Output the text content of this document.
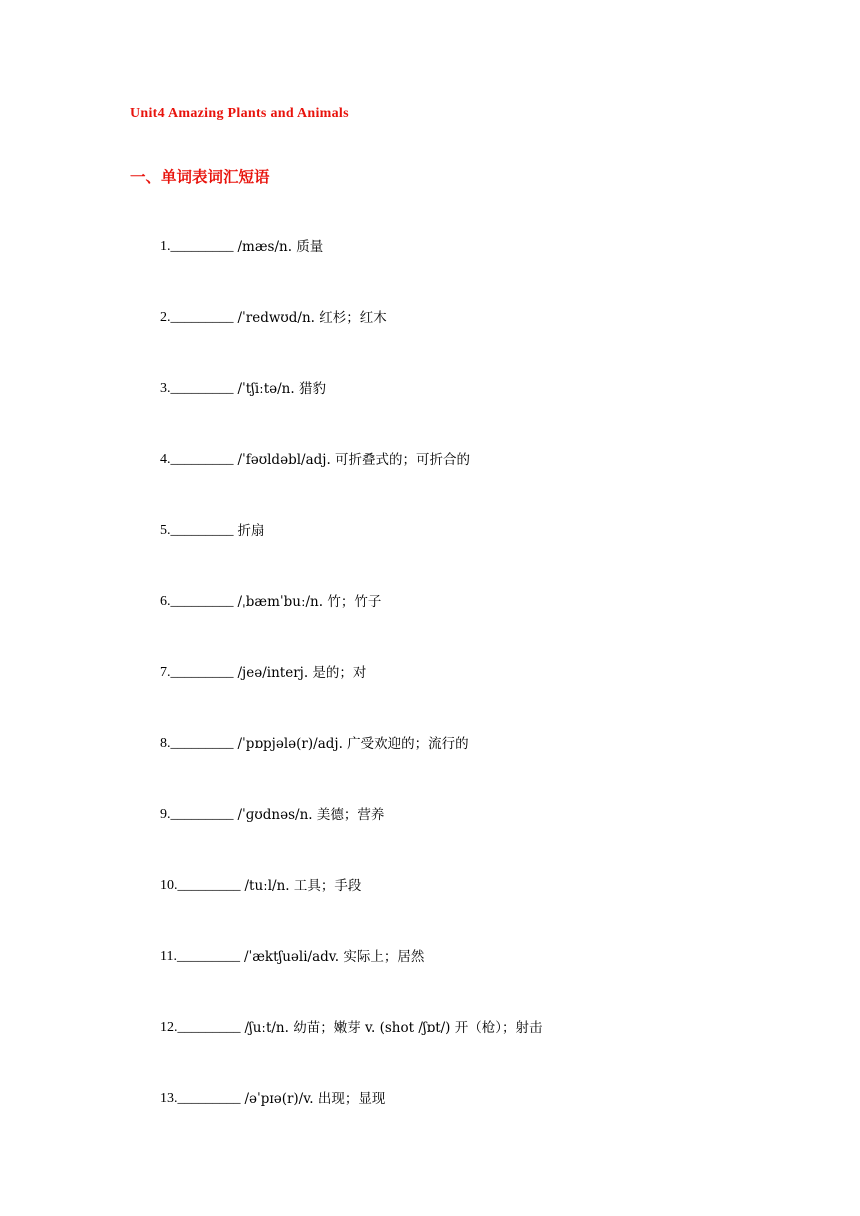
Unit4 Amazing Plants and Animals
一、单词表词汇短语
1. _________ /mæs/n. 质量
2. _________ /ˈredwʊd/n. 红杉；红木
3. _________ /ˈtʃiːtə/n. 猎豹
4. _________ /ˈfəʊldəbl/adj. 可折叠式的；可折合的
5. _________ 折扇
6. _________ /ˌbæmˈbuː/n. 竹；竹子
7. _________ /jeə/interj. 是的；对
8. _________ /ˈpɒpjələ(r)/adj. 广受欢迎的；流行的
9. _________ /ˈɡʊdnəs/n. 美德；营养
10. _________ /tuːl/n. 工具；手段
11. _________ /ˈæktʃuəli/adv. 实际上；居然
12. _________ /ʃuːt/n. 幼苗；嫩芽 v. (shot /ʃɒt/) 开（枪）；射击
13. _________ /əˈpɪə(r)/v. 出现；显现
